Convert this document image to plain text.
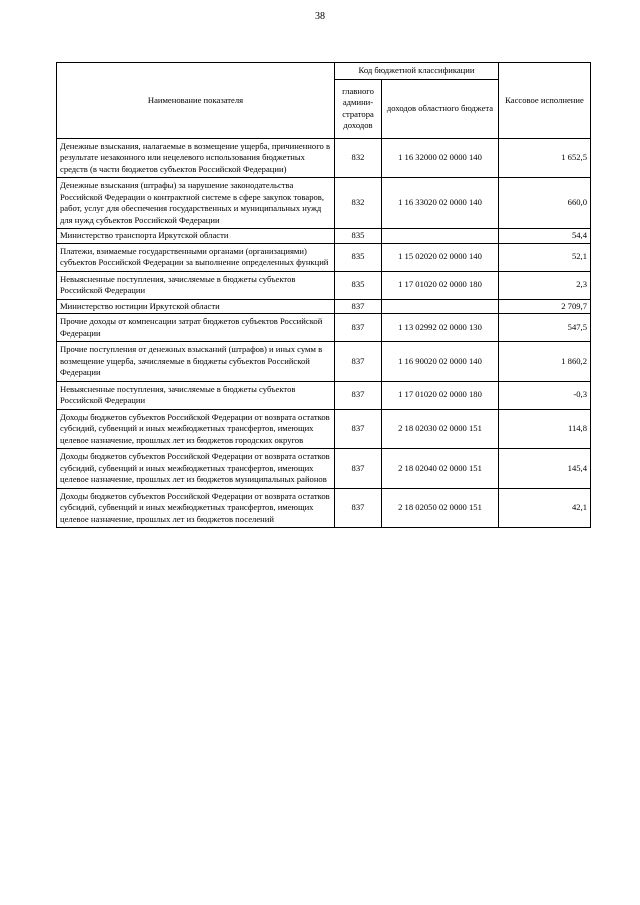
38
Наименование показателя	Код бюджетной классификации		Кассовое исполнение
	главного админи-стратора доходов	доходов областного бюджета	
Денежные взыскания, налагаемые в возмещение ущерба, причиненного в результате незаконного или нецелевого использования бюджетных средств (в части бюджетов субъектов Российской Федерации)	832	1 16 32000 02 0000 140	1 652,5
Денежные взыскания (штрафы) за нарушение законодательства Российской Федерации о контрактной системе в сфере закупок товаров, работ, услуг для обеспечения государственных и муниципальных нужд для нужд субъектов Российской Федерации	832	1 16 33020 02 0000 140	660,0
Министерство транспорта Иркутской области	835		54,4
Платежи, взимаемые государственными органами (организациями) субъектов Российской Федерации за выполнение определенных функций	835	1 15 02020 02 0000 140	52,1
Невыясненные поступления, зачисляемые в бюджеты субъектов Российской Федерации	835	1 17 01020 02 0000 180	2,3
Министерство юстиции Иркутской области	837		2 709,7
Прочие доходы от компенсации затрат бюджетов субъектов Российской Федерации	837	1 13 02992 02 0000 130	547,5
Прочие поступления от денежных взысканий (штрафов) и иных сумм в возмещение ущерба, зачисляемые в бюджеты субъектов Российской Федерации	837	1 16 90020 02 0000 140	1 860,2
Невыясненные поступления, зачисляемые в бюджеты субъектов Российской Федерации	837	1 17 01020 02 0000 180	-0,3
Доходы бюджетов субъектов Российской Федерации от возврата остатков субсидий, субвенций и иных межбюджетных трансфертов, имеющих целевое назначение, прошлых лет из бюджетов городских округов	837	2 18 02030 02 0000 151	114,8
Доходы бюджетов субъектов Российской Федерации от возврата остатков субсидий, субвенций и иных межбюджетных трансфертов, имеющих целевое назначение, прошлых лет из бюджетов муниципальных районов	837	2 18 02040 02 0000 151	145,4
Доходы бюджетов субъектов Российской Федерации от возврата остатков субсидий, субвенций и иных межбюджетных трансфертов, имеющих целевое назначение, прошлых лет из бюджетов поселений	837	2 18 02050 02 0000 151	42,1
